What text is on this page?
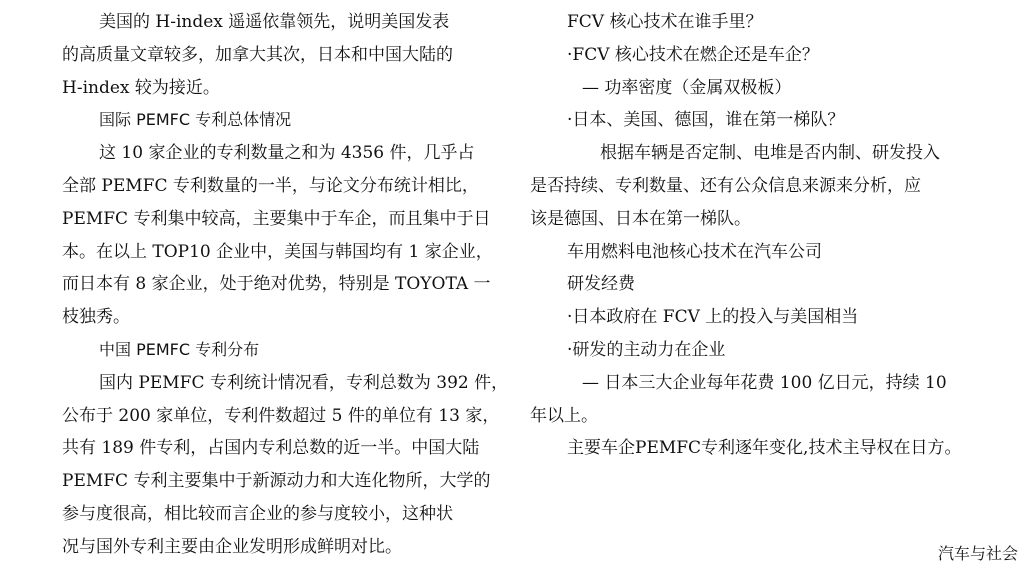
美国的 H-index 遥遥依靠领先，说明美国发表
的高质量文章较多，加拿大其次，日本和中国大陆的
H-index 较为接近。
国际 PEMFC 专利总体情况
这 10 家企业的专利数量之和为 4356 件，几乎占
全部 PEMFC 专利数量的一半，与论文分布统计相比，
PEMFC 专利集中较高，主要集中于车企，而且集中于日
本。在以上 TOP10 企业中，美国与韩国均有 1 家企业，
而日本有 8 家企业，处于绝对优势，特别是 TOYOTA 一
枝独秀。
中国 PEMFC 专利分布
国内 PEMFC 专利统计情况看，专利总数为 392 件，
公布于 200 家单位，专利件数超过 5 件的单位有 13 家，
共有 189 件专利，占国内专利总数的近一半。中国大陆
PEMFC 专利主要集中于新源动力和大连化物所，大学的
参与度很高，相比较而言企业的参与度较小，这种状
况与国外专利主要由企业发明形成鲜明对比。
FCV 核心技术在谁手里？
·FCV 核心技术在燃企还是车企？
— 功率密度（金属双极板）
·日本、美国、德国，谁在第一梯队？
根据车辆是否定制、电堆是否内制、研发投入
是否持续、专利数量、还有公众信息来源来分析，应
该是德国、日本在第一梯队。
车用燃料电池核心技术在汽车公司
研发经费
·日本政府在 FCV 上的投入与美国相当
·研发的主动力在企业
— 日本三大企业每年花费 100 亿日元，持续 10
年以上。
主要车企PEMFC专利逐年变化,技术主导权在日方。
汽车与社会
